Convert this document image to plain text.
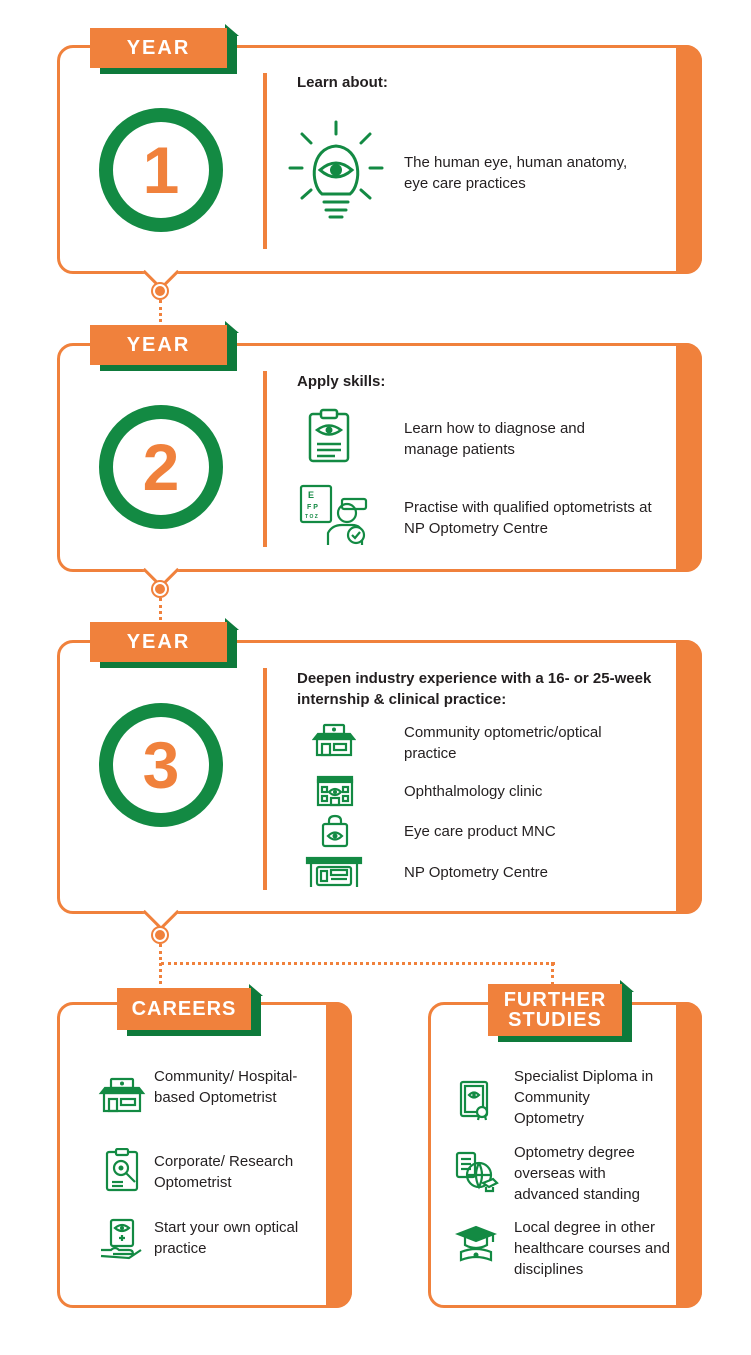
YEAR
1
Learn about:
The human eye, human anatomy, eye care practices
YEAR
2
Apply skills:
Learn how to diagnose and manage patients
E
F P
T O Z
Practise with qualified optometrists at NP Optometry Centre
YEAR
3
Deepen industry experience with a 16- or 25-week internship & clinical practice:
Community optometric/optical practice
Ophthalmology clinic
Eye care product MNC
NP Optometry Centre
CAREERS
Community/ Hospital-based Optometrist
Corporate/ Research Optometrist
Start your own optical practice
FURTHER
STUDIES
Specialist Diploma in Community Optometry
Optometry degree overseas with advanced standing
Local degree in other healthcare courses and disciplines
